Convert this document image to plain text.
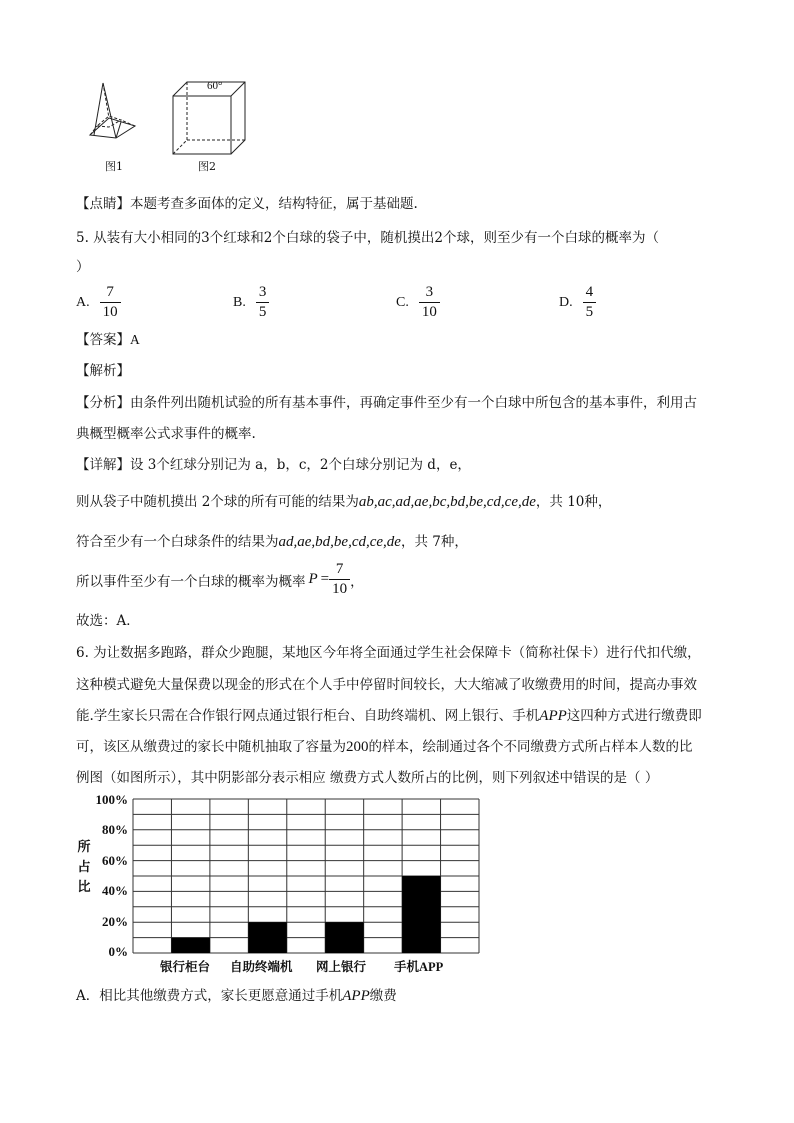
60°
图1	图2
【点睛】本题考查多面体的定义，结构特征，属于基础题.
5. 从装有大小相同的3个红球和2个白球的袋子中，随机摸出2个球，则至少有一个白球的概率为（
）
A. $\frac{7}{10}$	B. $\frac{3}{5}$	C. $\frac{3}{10}$	D. $\frac{4}{5}$
【答案】A
【解析】
【分析】由条件列出随机试验的所有基本事件，再确定事件至少有一个白球中所包含的基本事件，利用古
典概型概率公式求事件的概率.
【详解】设 3个红球分别记为 a，b，c，2个白球分别记为 d，e，
则从袋子中随机摸出 2个球的所有可能的结果为ab,ac,ad,ae,bc,bd,be,cd,ce,de，共 10种，
符合至少有一个白球条件的结果为ad,ae,bd,be,cd,ce,de，共 7种，
所以事件至少有一个白球的概率为概率 $P = \frac{7}{10}$ ，
故选：A．
6. 为让数据多跑路，群众少跑腿，某地区今年将全面通过学生社会保障卡（简称社保卡）进行代扣代缴，
这种模式避免大量保费以现金的形式在个人手中停留时间较长，大大缩减了收缴费用的时间，提高办事效
能.学生家长只需在合作银行网点通过银行柜台、自助终端机、网上银行、手机APP这四种方式进行缴费即
可，该区从缴费过的家长中随机抽取了容量为200的样本，绘制通过各个不同缴费方式所占样本人数的比
例图（如图所示），其中阴影部分表示相应 缴费方式人数所占的比例，则下列叙述中错误的是（ ）
100%
80%
60%
40%
20%
0%
所
占
比
银行柜台 自助终端机 网上银行 手机APP
A．相比其他缴费方式，家长更愿意通过手机APP缴费
